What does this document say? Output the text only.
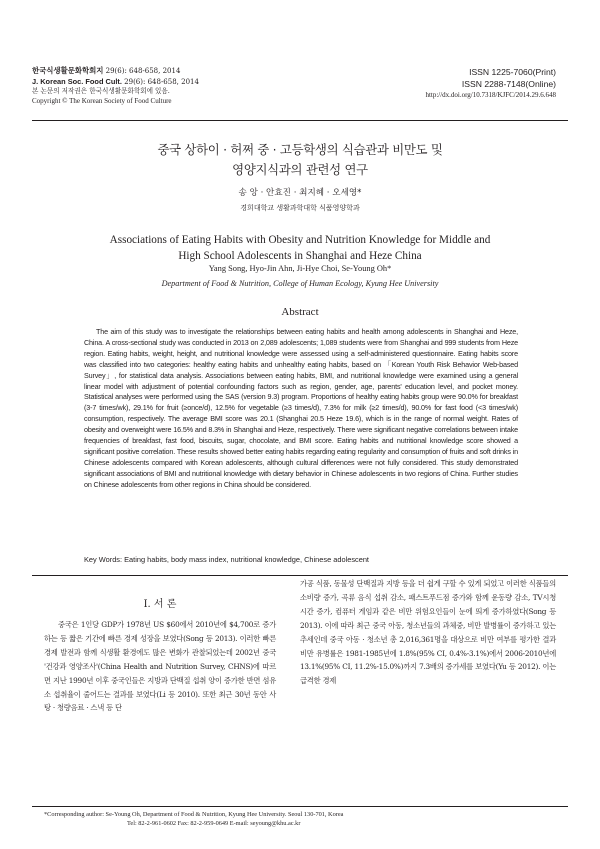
한국식생활문화학회지 29(6): 648-658, 2014
J. Korean Soc. Food Cult. 29(6): 648-658, 2014
본 논문의 저작권은 한국식생활문화학회에 있음.
Copyright © The Korean Society of Food Culture
ISSN 1225-7060(Print)
ISSN 2288-7148(Online)
http://dx.doi.org/10.7318/KJFC/2014.29.6.648
중국 상하이 · 허쩌 중 · 고등학생의 식습관과 비만도 및
영양지식과의 관련성 연구
송 앙 · 안효진 · 최지혜 · 오세영*
경희대학교 생활과학대학 식품영양학과
Associations of Eating Habits with Obesity and Nutrition Knowledge for Middle and
High School Adolescents in Shanghai and Heze China
Yang Song, Hyo-Jin Ahn, Ji-Hye Choi, Se-Young Oh*
Department of Food & Nutrition, College of Human Ecology, Kyung Hee University
Abstract

The aim of this study was to investigate the relationships between eating habits and health among adolescents in Shanghai and Heze, China. A cross-sectional study was conducted in 2013 on 2,089 adolescents; 1,089 students were from Shanghai and 999 students from Heze region. Eating habits, weight, height, and nutritional knowledge were assessed using a self-administered questionnaire. Eating habits score was classified into two categories: healthy eating habits and unhealthy eating habits, based on 「Korean Youth Risk Behavior Web-based Survey」, for statistical data analysis. Associations between eating habits, BMI, and nutritional knowledge were examined using a general linear model with adjustment of potential confounding factors such as region, gender, age, parents' education level, and pocket money. Statistical analyses were performed using the SAS (version 9.3) program. Proportions of healthy eating habits group were 90.0% for breakfast (3-7 times/wk), 29.1% for fruit (≥once/d), 12.5% for vegetable (≥3 times/d), 7.3% for milk (≥2 times/d), 90.0% for fast food (<3 times/wk) consumption, respectively. The average BMI score was 20.1 (Shanghai 20.5 Heze 19.6), which is in the range of normal weight. Rates of obesity and overweight were 16.5% and 8.3% in Shanghai and Heze, respectively. There were significant negative correlations between intake frequencies of breakfast, fast food, biscuits, sugar, chocolate, and BMI score. Eating habits and nutritional knowledge score showed a significant positive correlation. These results showed better eating habits regarding eating regularity and consumption of fruits and soft drinks in Chinese adolescents compared with Korean adolescents, although cultural differences were not fully considered. This study demonstrated significant associations of BMI and nutritional knowledge with dietary behavior in Chinese adolescents in two regions of China. Further studies on Chinese adolescents from other regions in China should be considered.

Key Words: Eating habits, body mass index, nutritional knowledge, Chinese adolescent
I. 서 론

중국은 1인당 GDP가 1978년 US $60에서 2010년에 $4,700로 증가하는 등 짧은 기간에 빠른 경제 성장을 보였다(Song 등 2013). 이러한 빠른 경제 발전과 함께 식생활 환경에도 많은 변화가 관찰되었는데 2002년 중국 '건강과 영양조사'(China Health and Nutrition Survey, CHNS)에 따르면 지난 1990년 이후 중국인들은 지방과 단백질 섭취 양이 증가한 반면 섬유소 섭취율이 줄어드는 결과를 보였다(Li 등 2010). 또한 최근 30년 동안 사탕 · 청량음료 · 스낵 등 단

가공 식품, 동물성 단백질과 지방 등을 더 쉽게 구할 수 있게 되었고 이러한 식품들의 소비량 증가, 곡류 음식 섭취 감소, 패스트푸드점 증가와 함께 운동량 감소, TV시청 시간 증가, 컴퓨터 게임과 같은 비만 위험요인들이 눈에 띄게 증가하였다(Song 등 2013). 이에 따라 최근 중국 아동, 청소년들의 과체중, 비만 발병률이 증가하고 있는 추세인데 중국 아동 · 청소년 총 2,016,361명을 대상으로 비만 여부를 평가한 결과 비만 유병률은 1981-1985년에 1.8%(95% CI, 0.4%-3.1%)에서 2006-2010년에 13.1%(95% CI, 11.2%-15.0%)까지 7.3배의 증가세를 보였다(Yu 등 2012). 이는 급격한 경제

*Corresponding author: Se-Young Oh, Department of Food & Nutrition, Kyung Hee University. Seoul 130-701, Korea
Tel: 82-2-961-0602 Fax: 82-2-959-0649 E-mail: seyoung@khu.ac.kr
